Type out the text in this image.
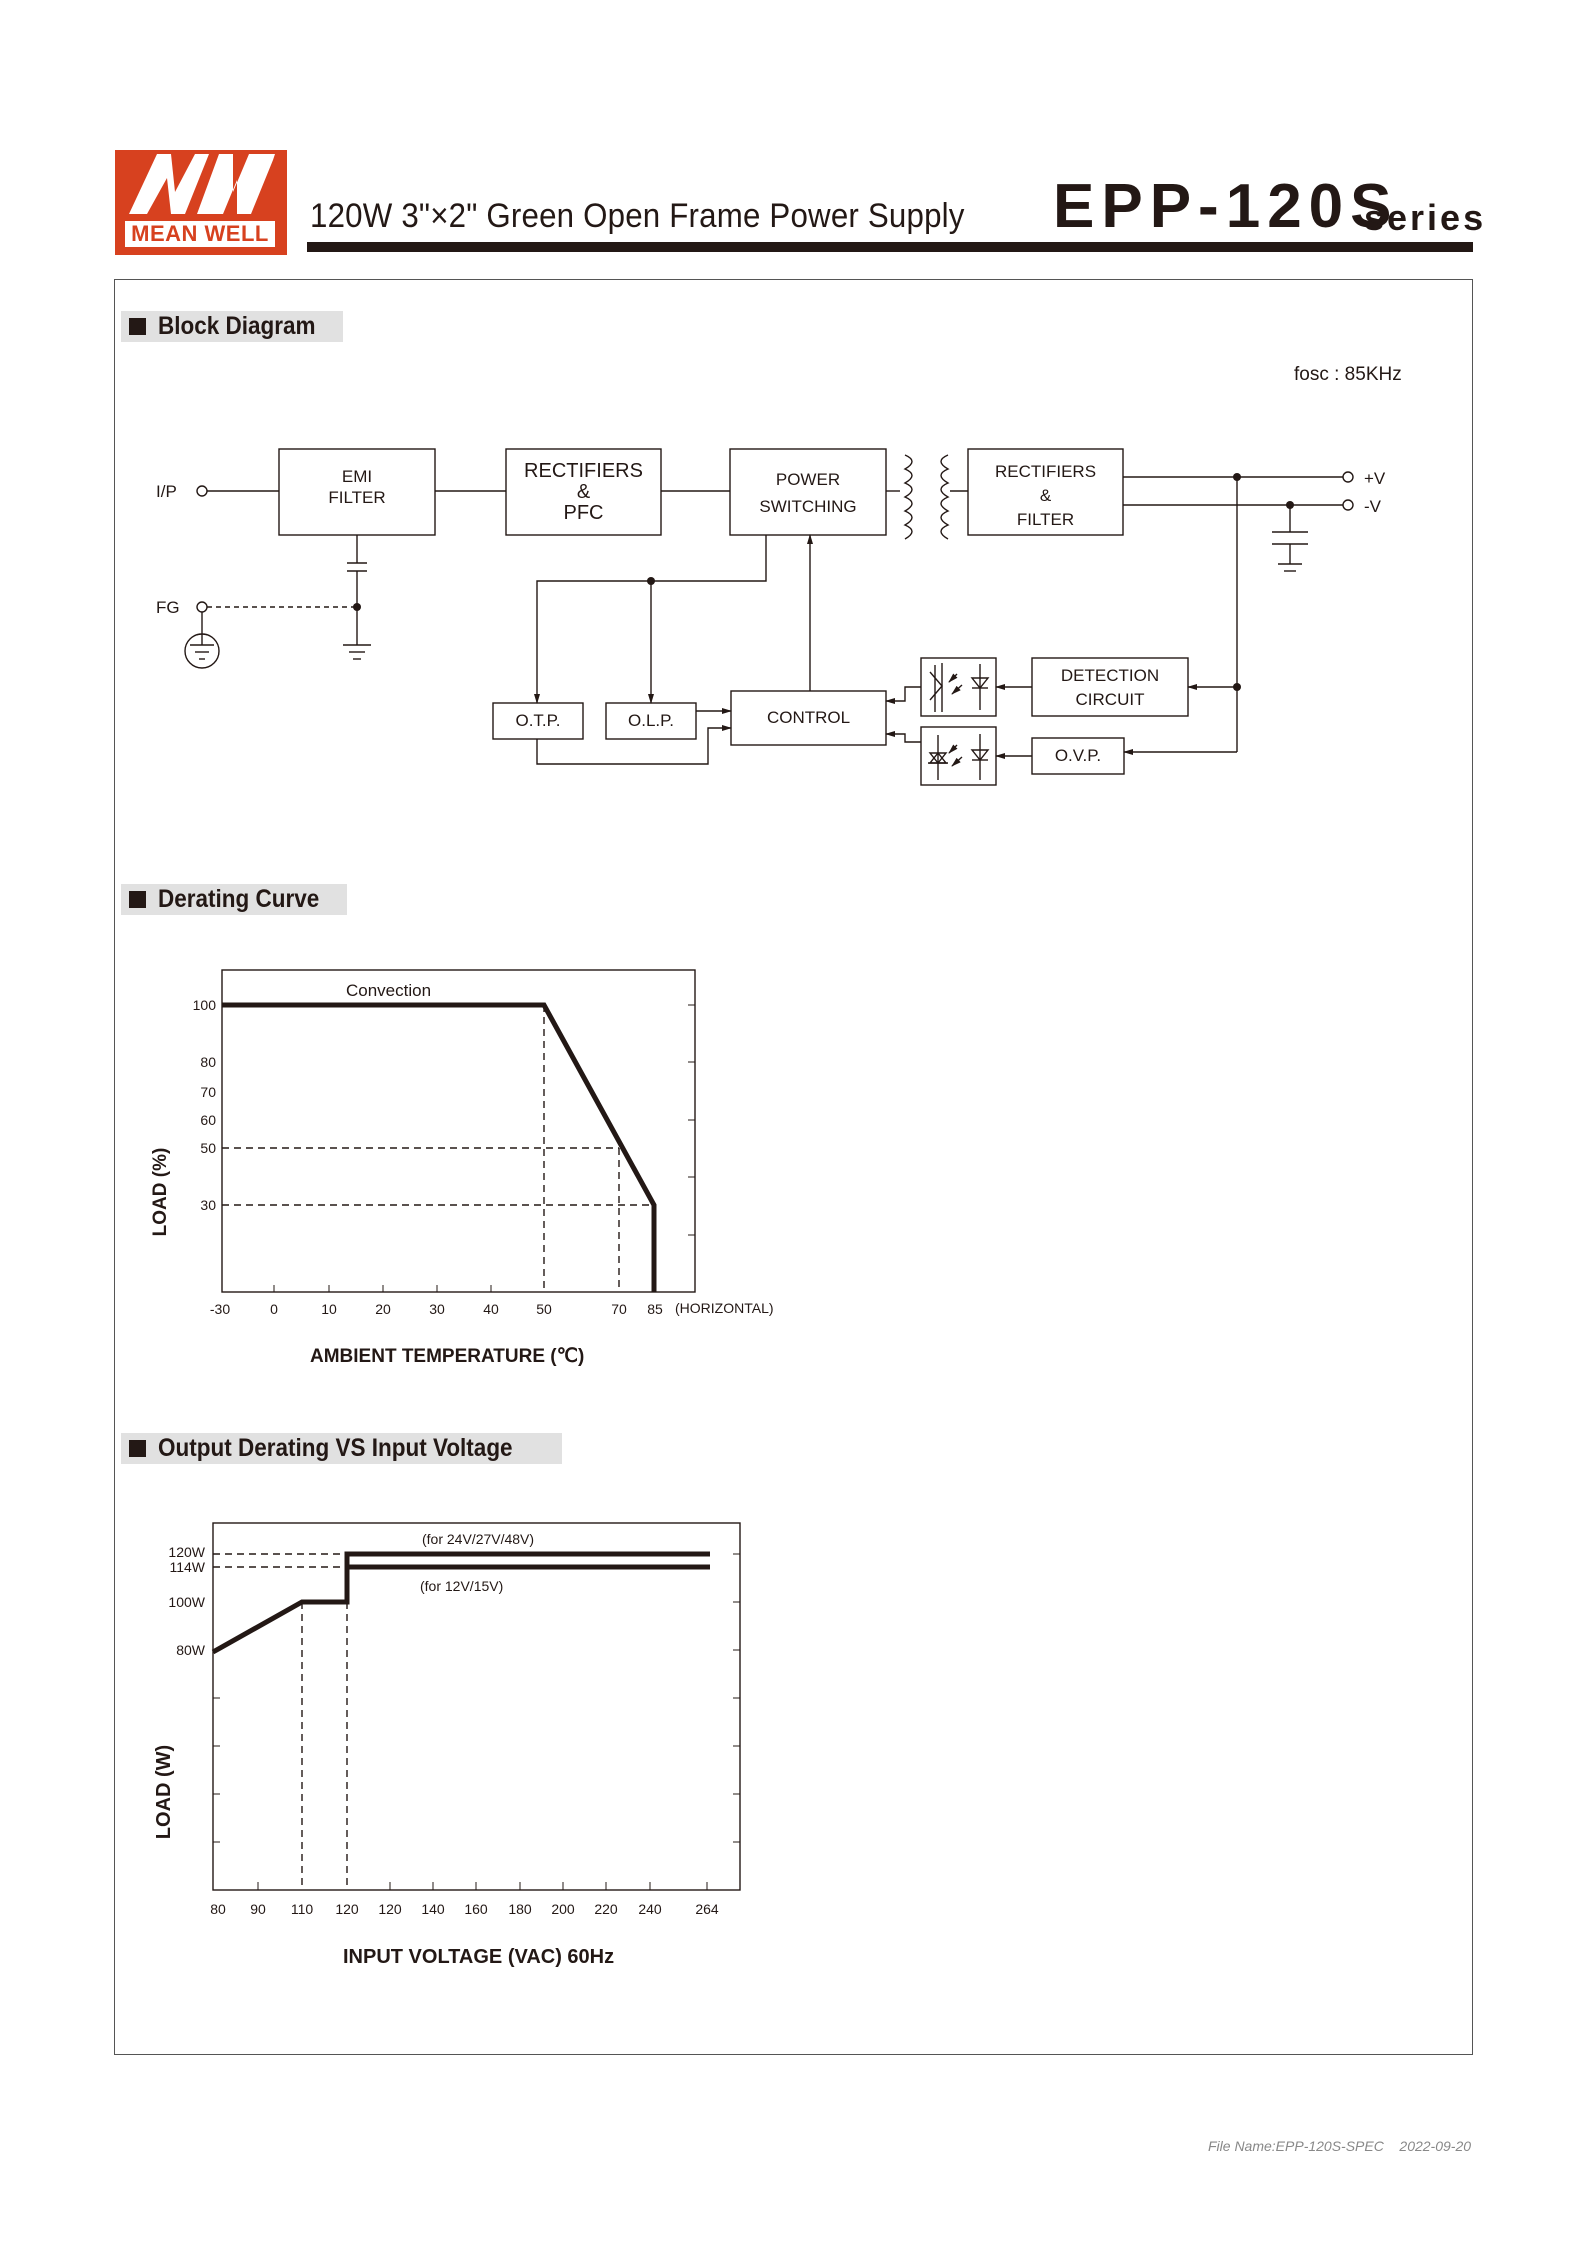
MEAN WELL 120W 3"×2" Green Open Frame Power Supply EPP-120S
series
Block Diagram
Derating Curve
Output Derating VS Input Voltage
fosc : 85KHz
I/P
FG
+V
-V
EMI
FILTER
RECTIFIERS
&
PFC
POWER
SWITCHING
RECTIFIERS
&
FILTER
O.T.P.	O.L.P.	CONTROL
DETECTION
CIRCUIT
O.V.P.
100
80
70
60
50
30
-30	0	10	20	30	40	50	70 85 (HORIZONTAL)
Convection
AMBIENT TEMPERATURE (℃)
LOAD (%)
120W
114W
100W
80W
80 90 110 120 120 140 160 180 200 220 240 264
(for 24V/27V/48V)
(for 12V/15V)
INPUT VOLTAGE (VAC) 60Hz
LOAD (W)
File Name:EPP-120S-SPEC 2022-09-20
